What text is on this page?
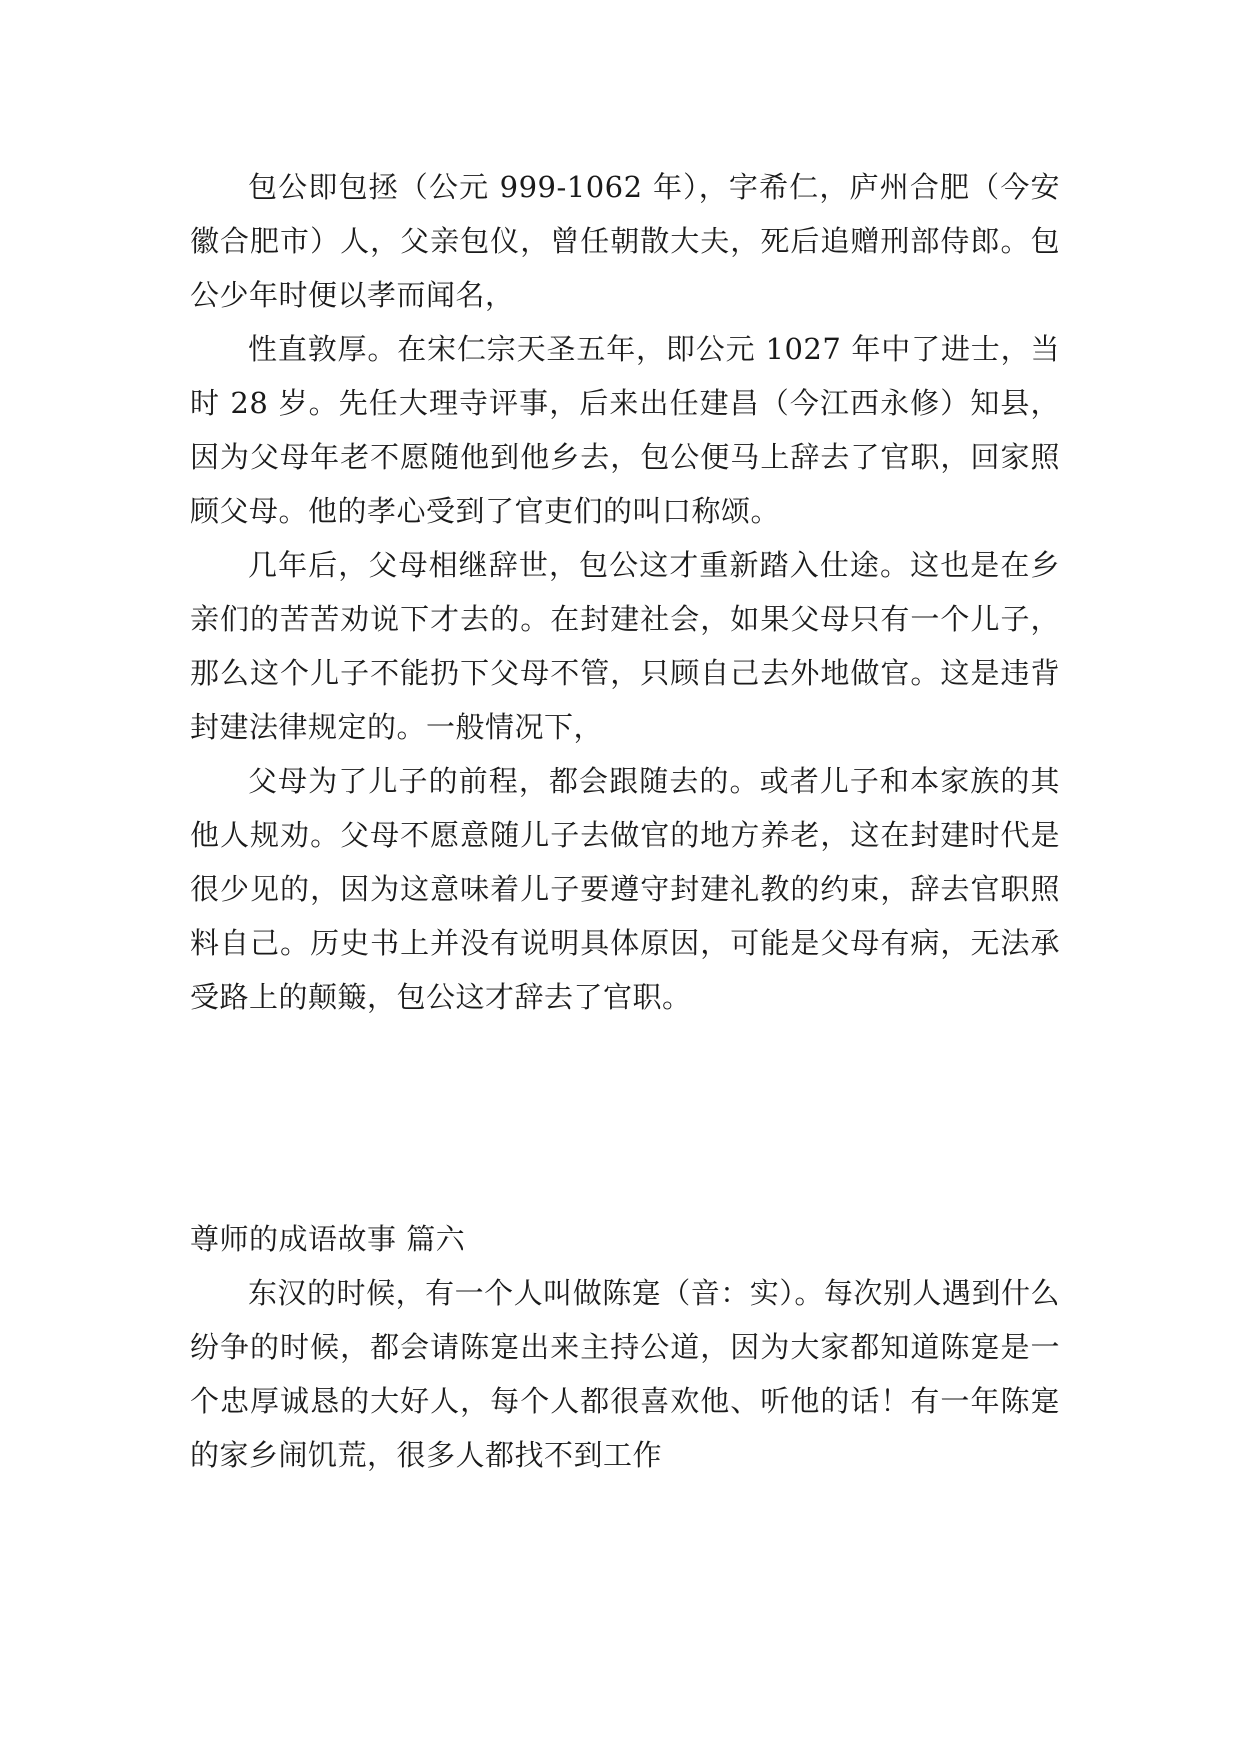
包公即包拯（公元 999-1062 年），字希仁，庐州合肥（今安徽合肥市）人，父亲包仪，曾任朝散大夫，死后追赠刑部侍郎。包公少年时便以孝而闻名，

性直敦厚。在宋仁宗天圣五年，即公元 1027 年中了进士，当时 28 岁。先任大理寺评事，后来出任建昌（今江西永修）知县，因为父母年老不愿随他到他乡去，包公便马上辞去了官职，回家照顾父母。他的孝心受到了官吏们的叫口称颂。

几年后，父母相继辞世，包公这才重新踏入仕途。这也是在乡亲们的苦苦劝说下才去的。在封建社会，如果父母只有一个儿子，那么这个儿子不能扔下父母不管，只顾自己去外地做官。这是违背封建法律规定的。一般情况下，

父母为了儿子的前程，都会跟随去的。或者儿子和本家族的其他人规劝。父母不愿意随儿子去做官的地方养老，这在封建时代是很少见的，因为这意味着儿子要遵守封建礼教的约束，辞去官职照料自己。历史书上并没有说明具体原因，可能是父母有病，无法承受路上的颠簸，包公这才辞去了官职。

尊师的成语故事 篇六

东汉的时候，有一个人叫做陈寔（音：实）。每次别人遇到什么纷争的时候，都会请陈寔出来主持公道，因为大家都知道陈寔是一个忠厚诚恳的大好人，每个人都很喜欢他、听他的话！有一年陈寔的家乡闹饥荒，很多人都找不到工作
